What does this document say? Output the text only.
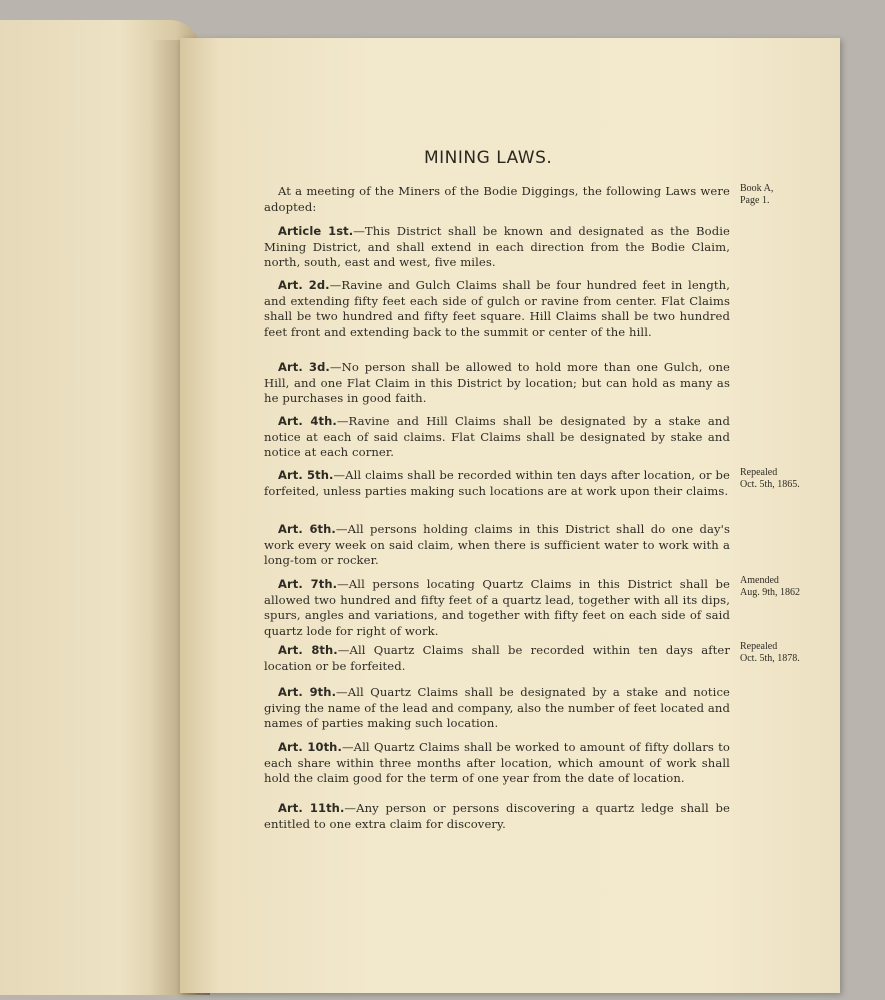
MINING LAWS.

At a meeting of the Miners of the Bodie Diggings, the following Laws were adopted:

Article 1st.—This District shall be known and designated as the Bodie Mining District, and shall extend in each direction from the Bodie Claim, north, south, east and west, five miles.

Art. 2d.—Ravine and Gulch Claims shall be four hundred feet in length, and extending fifty feet each side of gulch or ravine from center. Flat Claims shall be two hundred and fifty feet square. Hill Claims shall be two hundred feet front and extending back to the summit or center of the hill.

Art. 3d.—No person shall be allowed to hold more than one Gulch, one Hill, and one Flat Claim in this District by location; but can hold as many as he purchases in good faith.

Art. 4th.—Ravine and Hill Claims shall be designated by a stake and notice at each of said claims. Flat Claims shall be designated by stake and notice at each corner.

Art. 5th.—All claims shall be recorded within ten days after location, or be forfeited, unless parties making such locations are at work upon their claims.

Art. 6th.—All persons holding claims in this District shall do one day's work every week on said claim, when there is sufficient water to work with a long-tom or rocker.

Art. 7th.—All persons locating Quartz Claims in this District shall be allowed two hundred and fifty feet of a quartz lead, together with all its dips, spurs, angles and variations, and together with fifty feet on each side of said quartz lode for right of work.

Art. 8th.—All Quartz Claims shall be recorded within ten days after location or be forfeited.

Art. 9th.—All Quartz Claims shall be designated by a stake and notice giving the name of the lead and company, also the number of feet located and names of parties making such location.

Art. 10th.—All Quartz Claims shall be worked to amount of fifty dollars to each share within three months after location, which amount of work shall hold the claim good for the term of one year from the date of location.

Art. 11th.—Any person or persons discovering a quartz ledge shall be entitled to one extra claim for discovery.

Book A,
Page 1.
Repealed
Oct. 5th, 1865.
Amended
Aug. 9th, 1862
Repealed
Oct. 5th, 1878.
